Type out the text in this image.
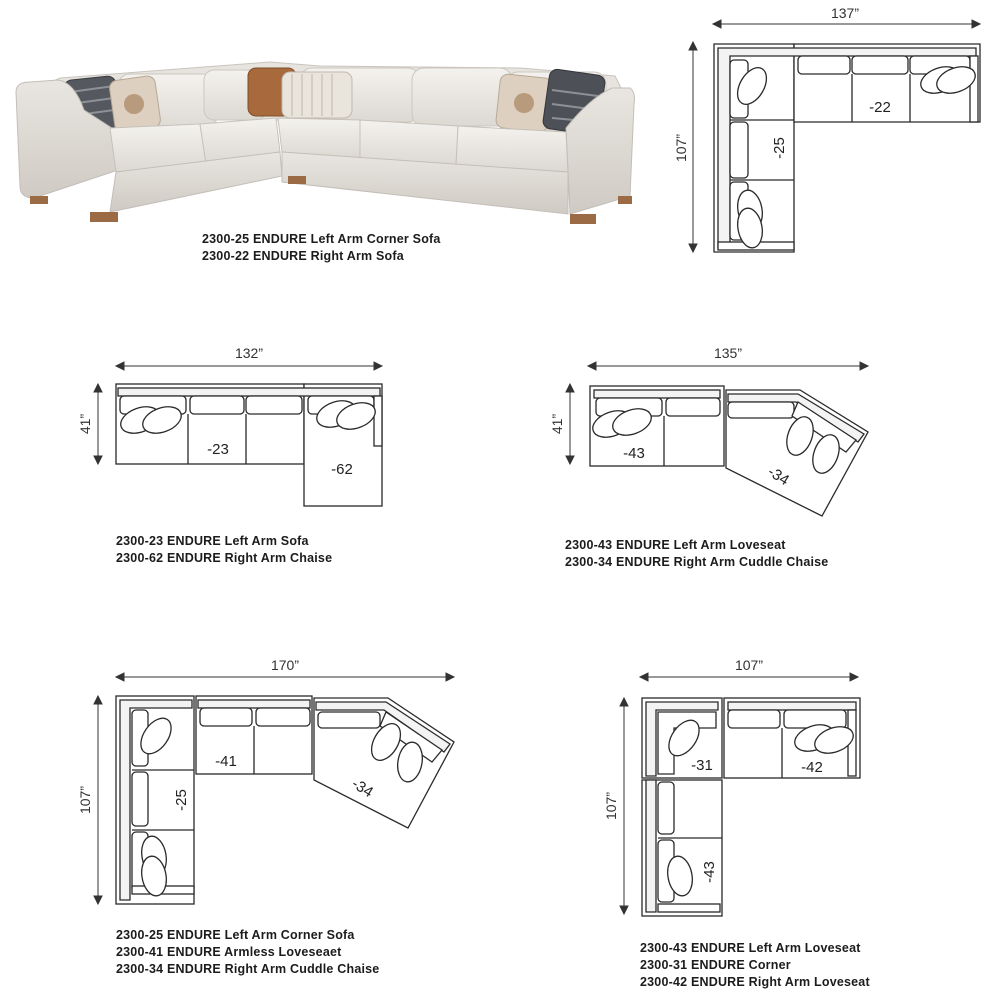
2300-25 ENDURE Left Arm Corner Sofa
2300-22 ENDURE Right Arm Sofa
137”
107”
-22
-25
132”
41”
-23
-62
2300-23 ENDURE Left Arm Sofa
2300-62 ENDURE Right Arm Chaise
135”
41”
-43
-34
2300-43 ENDURE Left Arm Loveseat
2300-34 ENDURE Right Arm Cuddle Chaise
170”
107”
-41
-25	-34
2300-25 ENDURE Left Arm Corner Sofa
2300-41 ENDURE Armless Loveseaet
2300-34 ENDURE Right Arm Cuddle Chaise
107”
107”
-31	-42
-43
2300-43 ENDURE Left Arm Loveseat
2300-31 ENDURE Corner
2300-42 ENDURE Right Arm Loveseat
